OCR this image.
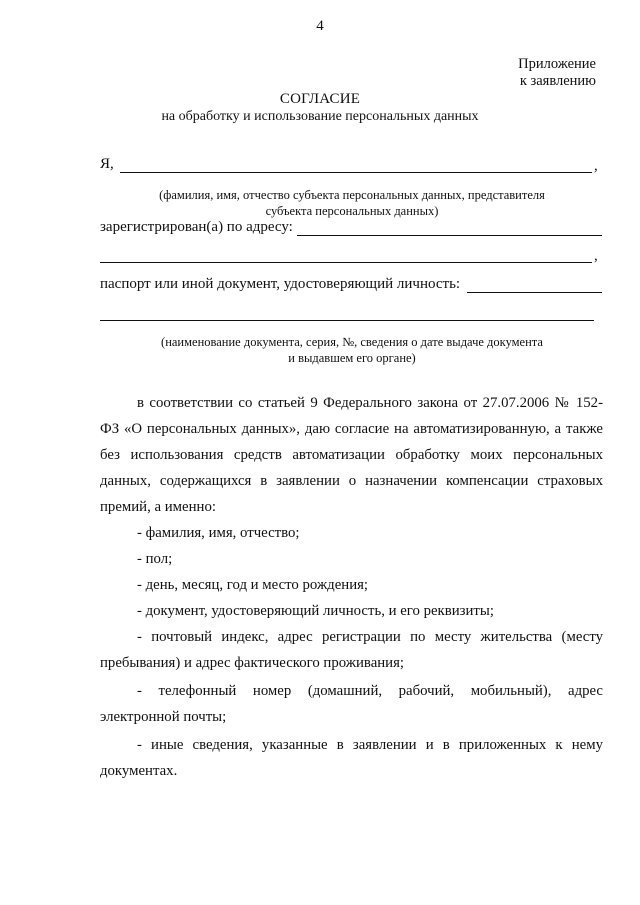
4
Приложение
к заявлению
СОГЛАСИЕ
на обработку и использование персональных данных
Я,	,
(фамилия, имя, отчество субъекта персональных данных, представителя
субъекта персональных данных)
зарегистрирован(а) по адресу:
,
паспорт или иной документ, удостоверяющий личность:
(наименование документа, серия, №, сведения о дате выдаче документа
и выдавшем его органе)
в соответствии со статьей 9 Федерального закона от 27.07.2006 № 152-ФЗ «О персональных данных», даю согласие на автоматизированную, а также без использования средств автоматизации обработку моих персональных данных, содержащихся в заявлении о назначении компенсации страховых премий, а именно:
- фамилия, имя, отчество;
- пол;
- день, месяц, год и место рождения;
- документ, удостоверяющий личность, и его реквизиты;
- почтовый индекс, адрес регистрации по месту жительства (месту пребывания) и адрес фактического проживания;
- телефонный номер (домашний, рабочий, мобильный), адрес электронной почты;
- иные сведения, указанные в заявлении и в приложенных к нему документах.
